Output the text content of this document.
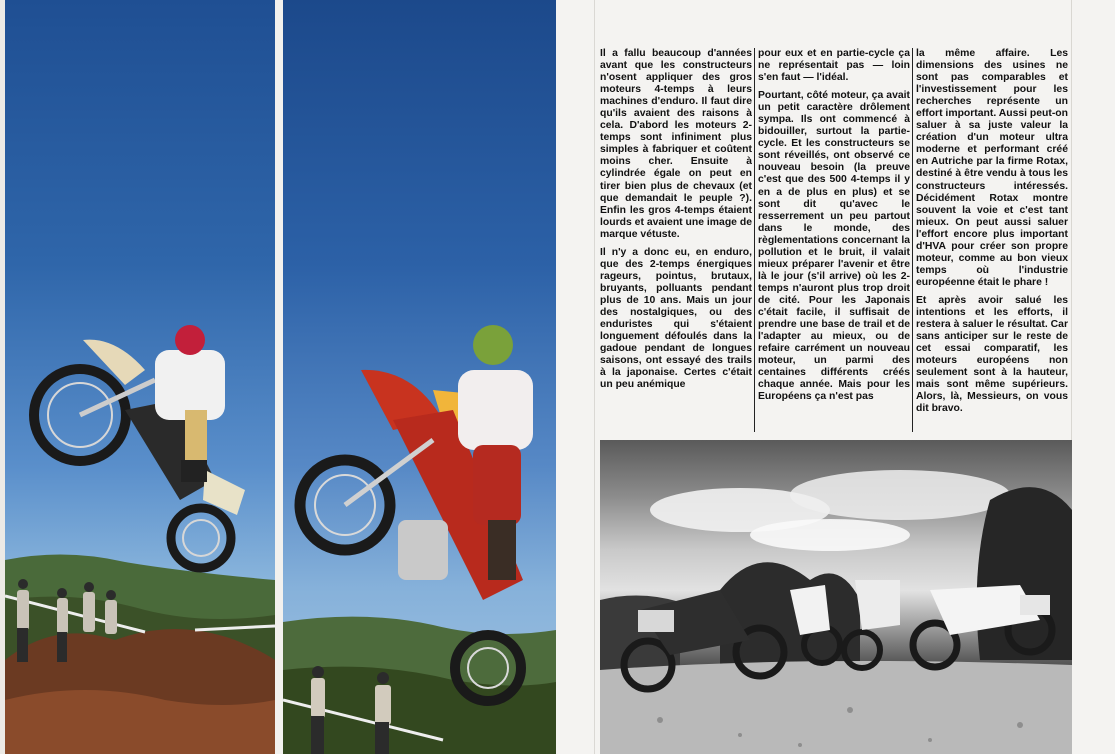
Il a fallu beaucoup d'années avant que les constructeurs n'osent appliquer des gros moteurs 4-temps à leurs machines d'enduro. Il faut dire qu'ils avaient des raisons à cela. D'abord les moteurs 2-temps sont infiniment plus simples à fabriquer et coûtent moins cher. Ensuite à cylindrée égale on peut en tirer bien plus de chevaux (et que demandait le peuple ?). Enfin les gros 4-temps étaient lourds et avaient une image de marque vétuste.

Il n'y a donc eu, en enduro, que des 2-temps énergiques rageurs, pointus, brutaux, bruyants, polluants pendant plus de 10 ans. Mais un jour des nostalgiques, ou des enduristes qui s'étaient longuement défoulés dans la gadoue pendant de longues saisons, ont essayé des trails à la japonaise. Certes c'était un peu anémique

pour eux et en partie-cycle ça ne représentait pas — loin s'en faut — l'idéal.

Pourtant, côté moteur, ça avait un petit caractère drôlement sympa. Ils ont commencé à bidouiller, surtout la partie-cycle. Et les constructeurs se sont réveillés, ont observé ce nouveau besoin (la preuve c'est que des 500 4-temps il y en a de plus en plus) et se sont dit qu'avec le resserrement un peu partout dans le monde, des règlementations concernant la pollution et le bruit, il valait mieux préparer l'avenir et être là le jour (s'il arrive) où les 2-temps n'auront plus trop droit de cité. Pour les Japonais c'était facile, il suffisait de prendre une base de trail et de l'adapter au mieux, ou de refaire carrément un nouveau moteur, un parmi des centaines différents créés chaque année. Mais pour les Européens ça n'est pas

la même affaire. Les dimensions des usines ne sont pas comparables et l'investissement pour les recherches représente un effort important. Aussi peut-on saluer à sa juste valeur la création d'un moteur ultra moderne et performant créé en Autriche par la firme Rotax, destiné à être vendu à tous les constructeurs intéressés. Décidément Rotax montre souvent la voie et c'est tant mieux. On peut aussi saluer l'effort encore plus important d'HVA pour créer son propre moteur, comme au bon vieux temps où l'industrie européenne était le phare !

Et après avoir salué les intentions et les efforts, il restera à saluer le résultat. Car sans anticiper sur le reste de cet essai comparatif, les moteurs européens non seulement sont à la hauteur, mais sont même supérieurs. Alors, là, Messieurs, on vous dit bravo.
